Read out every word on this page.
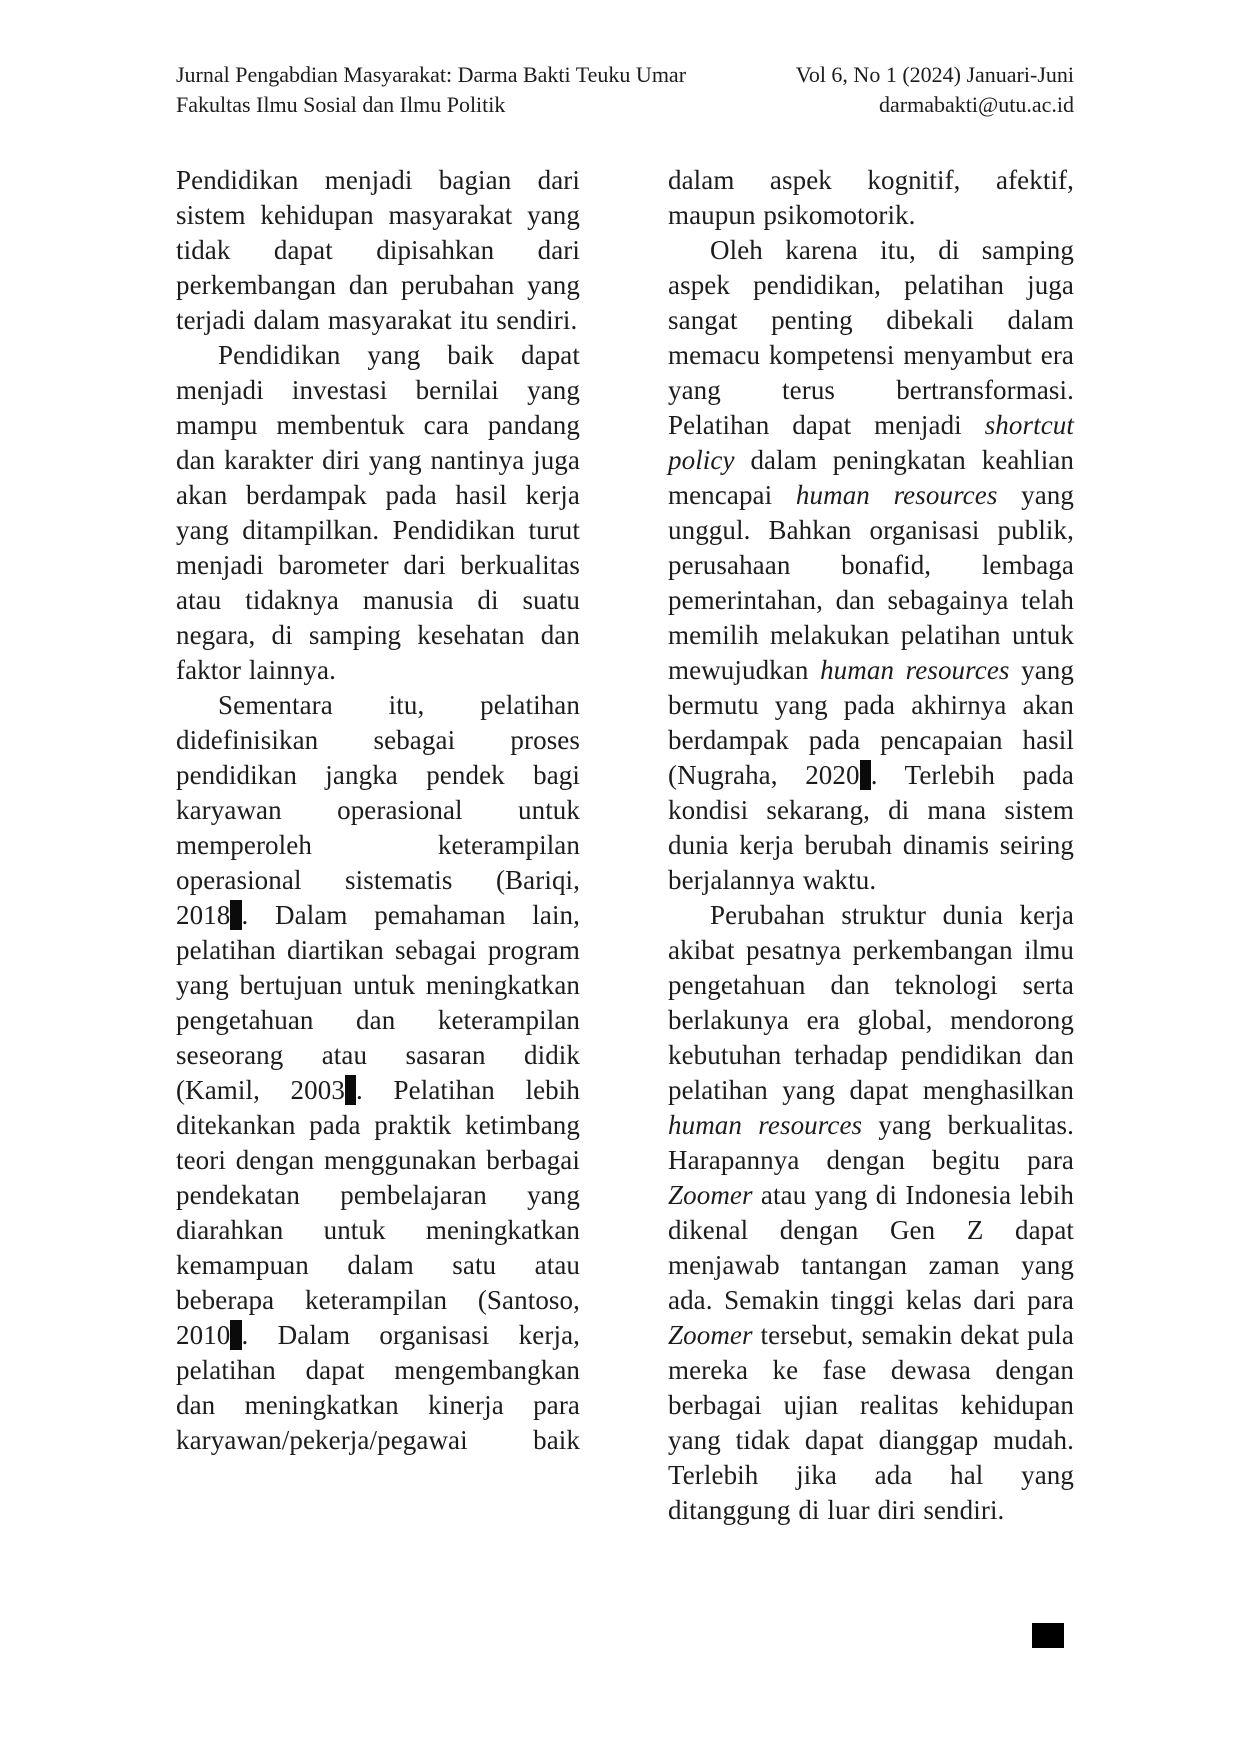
Jurnal Pengabdian Masyarakat: Darma Bakti Teuku Umar
Fakultas Ilmu Sosial dan Ilmu Politik
Vol 6, No 1 (2024) Januari-Juni
darmabakti@utu.ac.id

Pendidikan menjadi bagian dari sistem kehidupan masyarakat yang tidak dapat dipisahkan dari perkembangan dan perubahan yang terjadi dalam masyarakat itu sendiri.

Pendidikan yang baik dapat menjadi investasi bernilai yang mampu membentuk cara pandang dan karakter diri yang nantinya juga akan berdampak pada hasil kerja yang ditampilkan. Pendidikan turut menjadi barometer dari berkualitas atau tidaknya manusia di suatu negara, di samping kesehatan dan faktor lainnya.

Sementara itu, pelatihan didefinisikan sebagai proses pendidikan jangka pendek bagi karyawan operasional untuk memperoleh keterampilan operasional sistematis (Bariqi, 2018). Dalam pemahaman lain, pelatihan diartikan sebagai program yang bertujuan untuk meningkatkan pengetahuan dan keterampilan seseorang atau sasaran didik (Kamil, 2003). Pelatihan lebih ditekankan pada praktik ketimbang teori dengan menggunakan berbagai pendekatan pembelajaran yang diarahkan untuk meningkatkan kemampuan dalam satu atau beberapa keterampilan (Santoso, 2010). Dalam organisasi kerja, pelatihan dapat mengembangkan dan meningkatkan kinerja para karyawan/pekerja/pegawai baik

dalam aspek kognitif, afektif, maupun psikomotorik.

Oleh karena itu, di samping aspek pendidikan, pelatihan juga sangat penting dibekali dalam memacu kompetensi menyambut era yang terus bertransformasi. Pelatihan dapat menjadi shortcut policy dalam peningkatan keahlian mencapai human resources yang unggul. Bahkan organisasi publik, perusahaan bonafid, lembaga pemerintahan, dan sebagainya telah memilih melakukan pelatihan untuk mewujudkan human resources yang bermutu yang pada akhirnya akan berdampak pada pencapaian hasil (Nugraha, 2020). Terlebih pada kondisi sekarang, di mana sistem dunia kerja berubah dinamis seiring berjalannya waktu.

Perubahan struktur dunia kerja akibat pesatnya perkembangan ilmu pengetahuan dan teknologi serta berlakunya era global, mendorong kebutuhan terhadap pendidikan dan pelatihan yang dapat menghasilkan human resources yang berkualitas. Harapannya dengan begitu para Zoomer atau yang di Indonesia lebih dikenal dengan Gen Z dapat menjawab tantangan zaman yang ada. Semakin tinggi kelas dari para Zoomer tersebut, semakin dekat pula mereka ke fase dewasa dengan berbagai ujian realitas kehidupan yang tidak dapat dianggap mudah. Terlebih jika ada hal yang ditanggung di luar diri sendiri.
